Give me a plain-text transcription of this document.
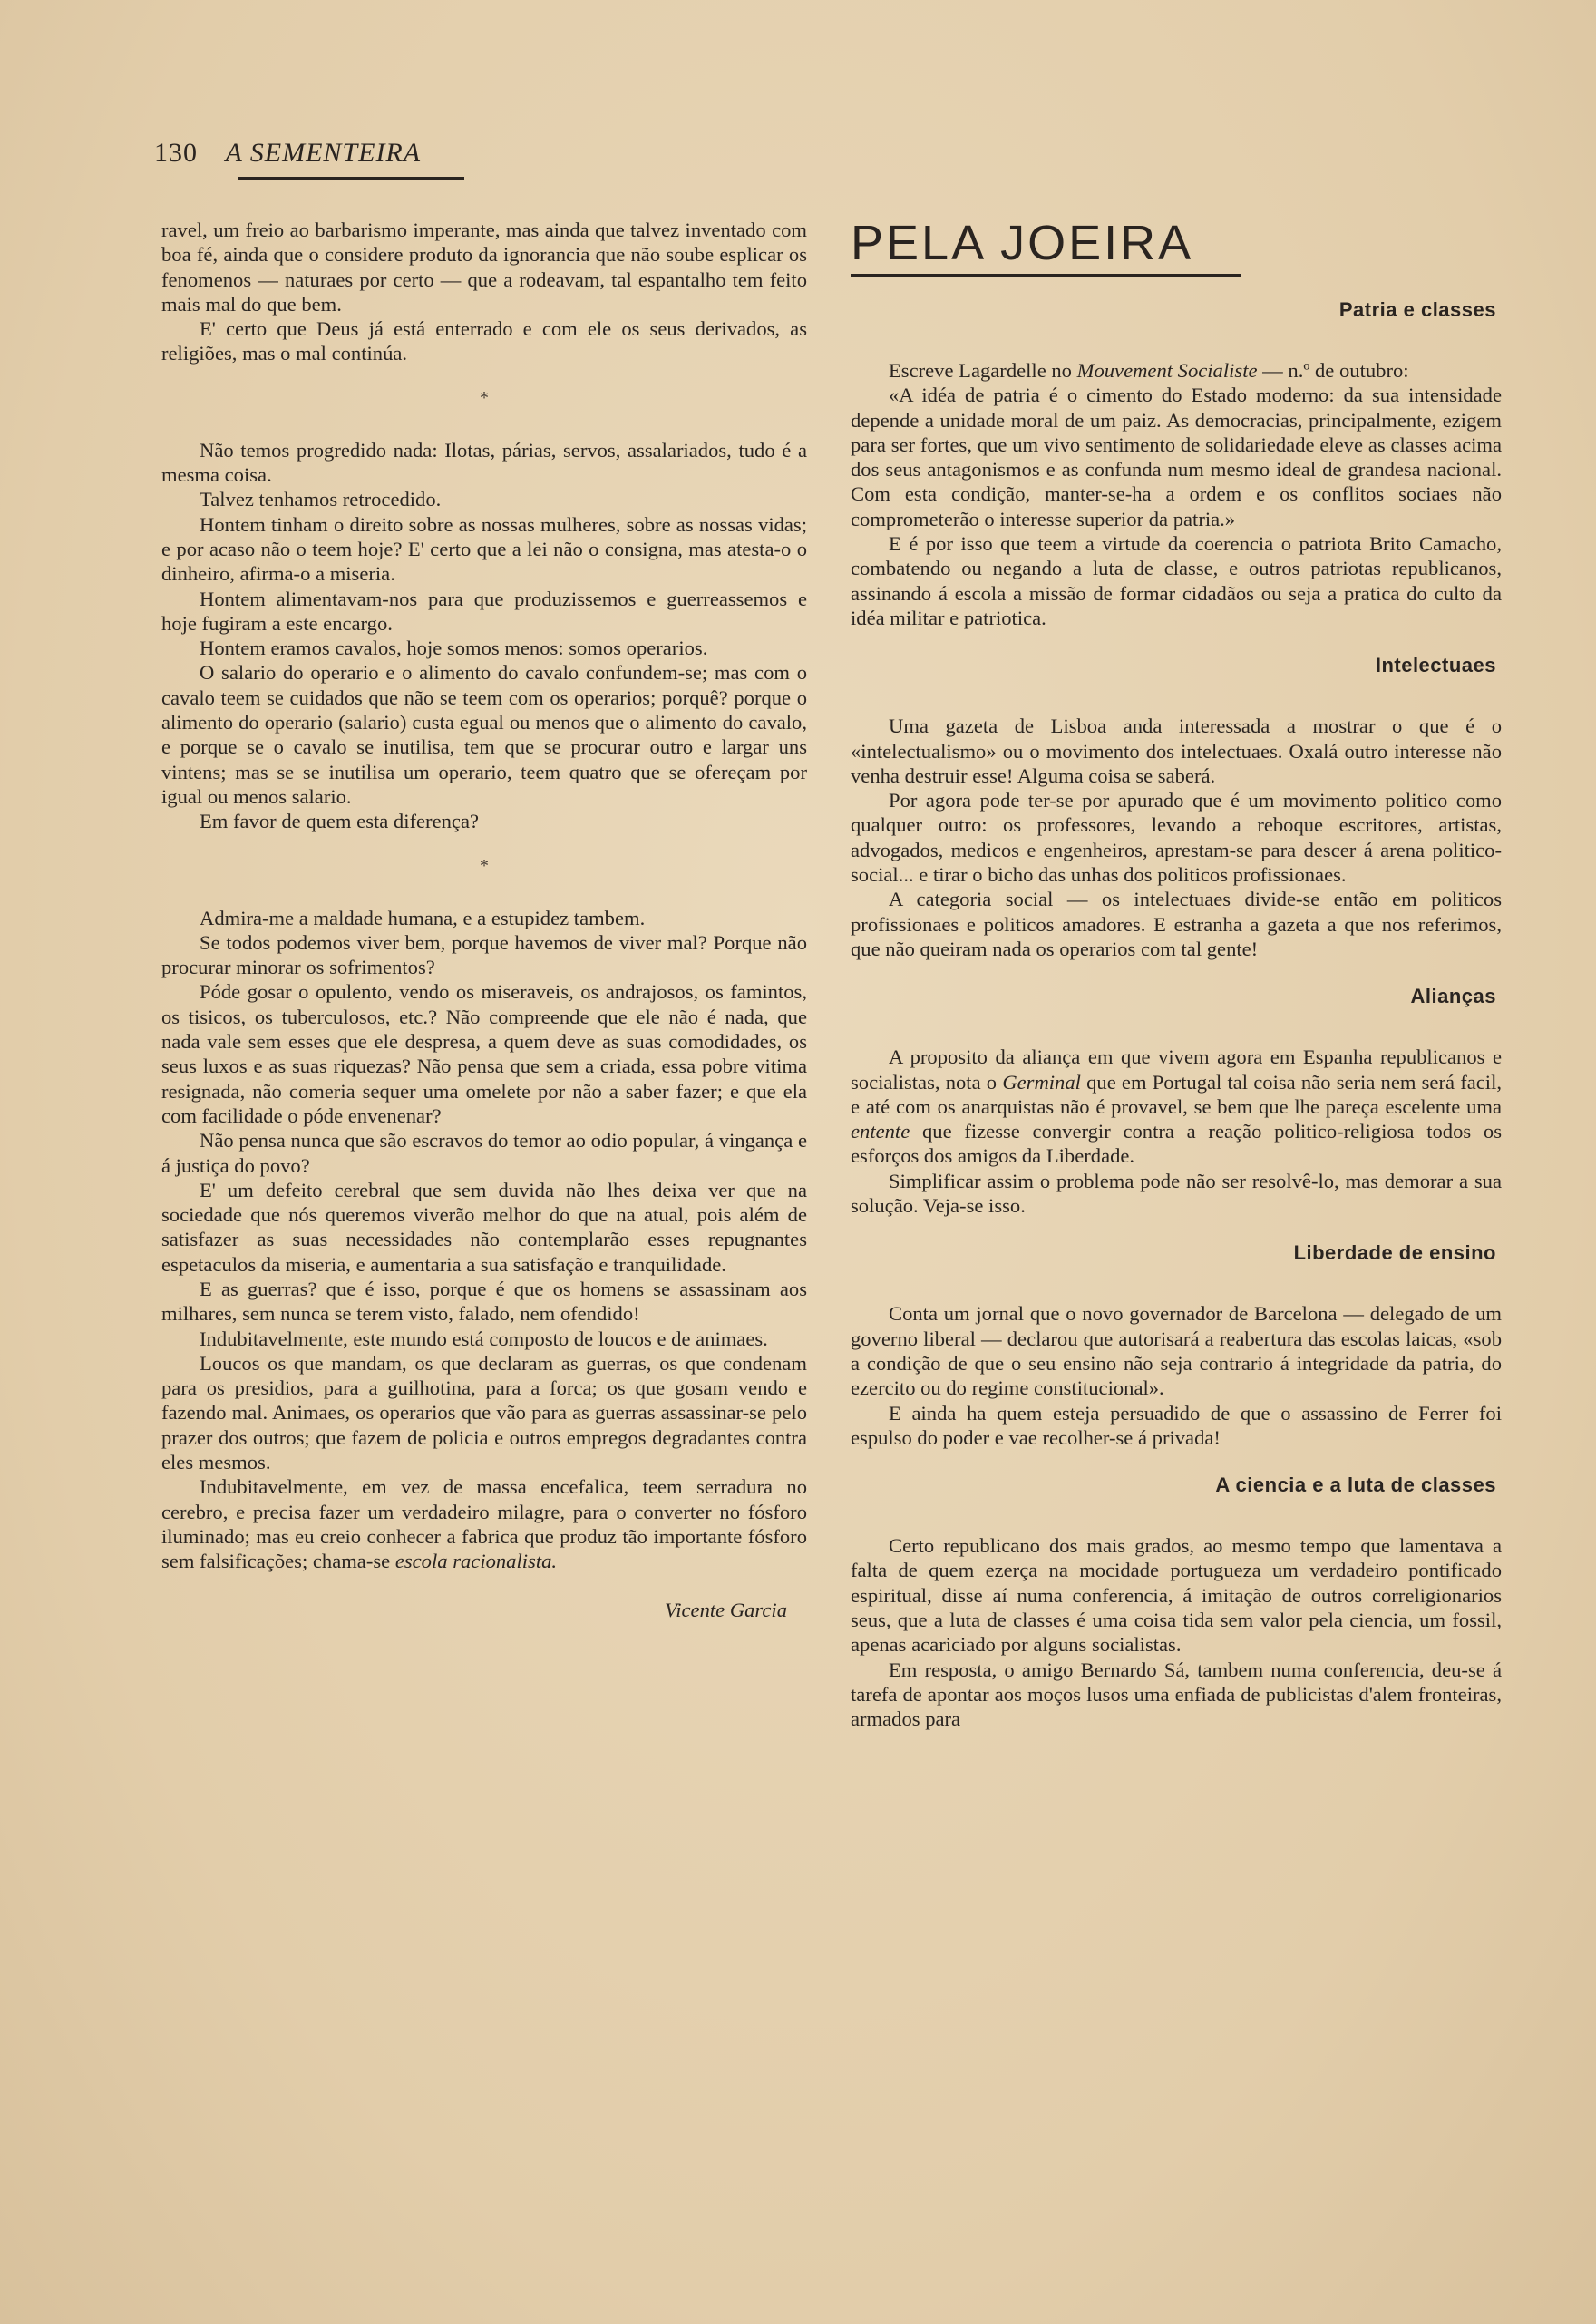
130 A SEMENTEIRA

ravel, um freio ao barbarismo imperante, mas ainda que talvez inventado com boa fé, ainda que o considere produto da ignorancia que não soube esplicar os fenomenos — naturaes por certo — que a rodeavam, tal espantalho tem feito mais mal do que bem.

E' certo que Deus já está enterrado e com ele os seus derivados, as religiões, mas o mal continúa.

*

Não temos progredido nada: Ilotas, párias, servos, assalariados, tudo é a mesma coisa.

Talvez tenhamos retrocedido.

Hontem tinham o direito sobre as nossas mulheres, sobre as nossas vidas; e por acaso não o teem hoje? E' certo que a lei não o consigna, mas atesta-o o dinheiro, afirma-o a miseria.

Hontem alimentavam-nos para que produzissemos e guerreassemos e hoje fugiram a este encargo.

Hontem eramos cavalos, hoje somos menos: somos operarios.

O salario do operario e o alimento do cavalo confundem-se; mas com o cavalo teem se cuidados que não se teem com os operarios; porquê? porque o alimento do operario (salario) custa egual ou menos que o alimento do cavalo, e porque se o cavalo se inutilisa, tem que se procurar outro e largar uns vintens; mas se se inutilisa um operario, teem quatro que se ofereçam por igual ou menos salario.

Em favor de quem esta diferença?

*

Admira-me a maldade humana, e a estupidez tambem.

Se todos podemos viver bem, porque havemos de viver mal? Porque não procurar minorar os sofrimentos?

Póde gosar o opulento, vendo os miseraveis, os andrajosos, os famintos, os tisicos, os tuberculosos, etc.? Não compreende que ele não é nada, que nada vale sem esses que ele despresa, a quem deve as suas comodidades, os seus luxos e as suas riquezas? Não pensa que sem a criada, essa pobre vitima resignada, não comeria sequer uma omelete por não a saber fazer; e que ela com facilidade o póde envenenar?

Não pensa nunca que são escravos do temor ao odio popular, á vingança e á justiça do povo?

E' um defeito cerebral que sem duvida não lhes deixa ver que na sociedade que nós queremos viverão melhor do que na atual, pois além de satisfazer as suas necessidades não contemplarão esses repugnantes espetaculos da miseria, e aumentaria a sua satisfação e tranquilidade.

E as guerras? que é isso, porque é que os homens se assassinam aos milhares, sem nunca se terem visto, falado, nem ofendido!

Indubitavelmente, este mundo está composto de loucos e de animaes.

Loucos os que mandam, os que declaram as guerras, os que condenam para os presidios, para a guilhotina, para a forca; os que gosam vendo e fazendo mal. Animaes, os operarios que vão para as guerras assassinar-se pelo prazer dos outros; que fazem de policia e outros empregos degradantes contra eles mesmos.

Indubitavelmente, em vez de massa encefalica, teem serradura no cerebro, e precisa fazer um verdadeiro milagre, para o converter no fósforo iluminado; mas eu creio conhecer a fabrica que produz tão importante fósforo sem falsificações; chama-se escola racionalista.

Vicente Garcia
PELA JOEIRA
Patria e classes

Escreve Lagardelle no Mouvement Socialiste — n.º de outubro:

«A idéa de patria é o cimento do Estado moderno: da sua intensidade depende a unidade moral de um paiz. As democracias, principalmente, ezigem para ser fortes, que um vivo sentimento de solidariedade eleve as classes acima dos seus antagonismos e as confunda num mesmo ideal de grandesa nacional. Com esta condição, manter-se-ha a ordem e os conflitos sociaes não comprometerão o interesse superior da patria.»

E é por isso que teem a virtude da coerencia o patriota Brito Camacho, combatendo ou negando a luta de classe, e outros patriotas republicanos, assinando á escola a missão de formar cidadãos ou seja a pratica do culto da idéa militar e patriotica.

Intelectuaes

Uma gazeta de Lisboa anda interessada a mostrar o que é o «intelectualismo» ou o movimento dos intelectuaes. Oxalá outro interesse não venha destruir esse! Alguma coisa se saberá.

Por agora pode ter-se por apurado que é um movimento politico como qualquer outro: os professores, levando a reboque escritores, artistas, advogados, medicos e engenheiros, aprestam-se para descer á arena politico-social... e tirar o bicho das unhas dos politicos profissionaes.

A categoria social — os intelectuaes divide-se então em politicos profissionaes e politicos amadores. E estranha a gazeta a que nos referimos, que não queiram nada os operarios com tal gente!

Alianças

A proposito da aliança em que vivem agora em Espanha republicanos e socialistas, nota o Germinal que em Portugal tal coisa não seria nem será facil, e até com os anarquistas não é provavel, se bem que lhe pareça escelente uma entente que fizesse convergir contra a reação politico-religiosa todos os esforços dos amigos da Liberdade.

Simplificar assim o problema pode não ser resolvê-lo, mas demorar a sua solução. Veja-se isso.

Liberdade de ensino

Conta um jornal que o novo governador de Barcelona — delegado de um governo liberal — declarou que autorisará a reabertura das escolas laicas, «sob a condição de que o seu ensino não seja contrario á integridade da patria, do ezercito ou do regime constitucional».

E ainda ha quem esteja persuadido de que o assassino de Ferrer foi espulso do poder e vae recolher-se á privada!

A ciencia e a luta de classes

Certo republicano dos mais grados, ao mesmo tempo que lamentava a falta de quem ezerça na mocidade portugueza um verdadeiro pontificado espiritual, disse aí numa conferencia, á imitação de outros correligionarios seus, que a luta de classes é uma coisa tida sem valor pela ciencia, um fossil, apenas acariciado por alguns socialistas.

Em resposta, o amigo Bernardo Sá, tambem numa conferencia, deu-se á tarefa de apontar aos moços lusos uma enfiada de publicistas d'alem fronteiras, armados para
